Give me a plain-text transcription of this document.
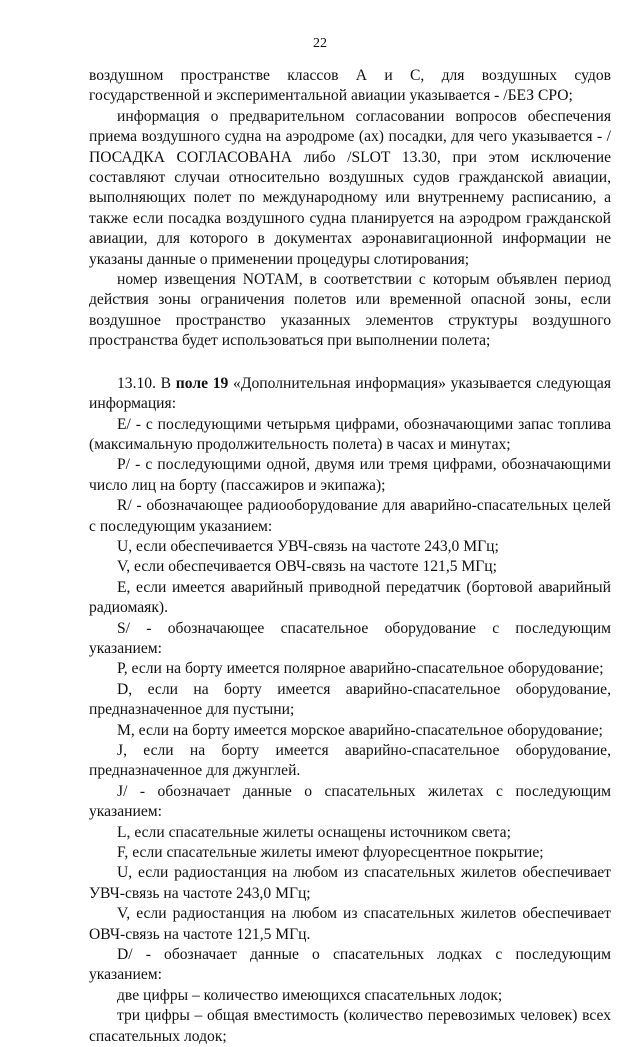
22

воздушном пространстве классов А и С, для воздушных судов государственной и экспериментальной авиации указывается - /БЕЗ СРО;

информация о предварительном согласовании вопросов обеспечения приема воздушного судна на аэродроме (ах) посадки, для чего указывается - /ПОСАДКА СОГЛАСОВАНА либо /SLOT 13.30, при этом исключение составляют случаи относительно воздушных судов гражданской авиации, выполняющих полет по международному или внутреннему расписанию, а также если посадка воздушного судна планируется на аэродром гражданской авиации, для которого в документах аэронавигационной информации не указаны данные о применении процедуры слотирования;

номер извещения NOTAM, в соответствии с которым объявлен период действия зоны ограничения полетов или временной опасной зоны, если воздушное пространство указанных элементов структуры воздушного пространства будет использоваться при выполнении полета;

13.10. В поле 19 «Дополнительная информация» указывается следующая информация:

Е/ - с последующими четырьмя цифрами, обозначающими запас топлива (максимальную продолжительность полета) в часах и минутах;

Р/ - с последующими одной, двумя или тремя цифрами, обозначающими число лиц на борту (пассажиров и экипажа);

R/ - обозначающее радиооборудование для аварийно-спасательных целей с последующим указанием:

U, если обеспечивается УВЧ-связь на частоте 243,0 МГц;

V, если обеспечивается ОВЧ-связь на частоте 121,5 МГц;

Е, если имеется аварийный приводной передатчик (бортовой аварийный радиомаяк).

S/ - обозначающее спасательное оборудование с последующим указанием:

Р, если на борту имеется полярное аварийно-спасательное оборудование;

D, если на борту имеется аварийно-спасательное оборудование, предназначенное для пустыни;

М, если на борту имеется морское аварийно-спасательное оборудование;

J, если на борту имеется аварийно-спасательное оборудование, предназначенное для джунглей.

J/ - обозначает данные о спасательных жилетах с последующим указанием:

L, если спасательные жилеты оснащены источником света;

F, если спасательные жилеты имеют флуоресцентное покрытие;

U, если радиостанция на любом из спасательных жилетов обеспечивает УВЧ-связь на частоте 243,0 МГц;

V, если радиостанция на любом из спасательных жилетов обеспечивает ОВЧ-связь на частоте 121,5 МГц.

D/ - обозначает данные о спасательных лодках с последующим указанием:

две цифры – количество имеющихся спасательных лодок;

три цифры – общая вместимость (количество перевозимых человек) всех спасательных лодок;
